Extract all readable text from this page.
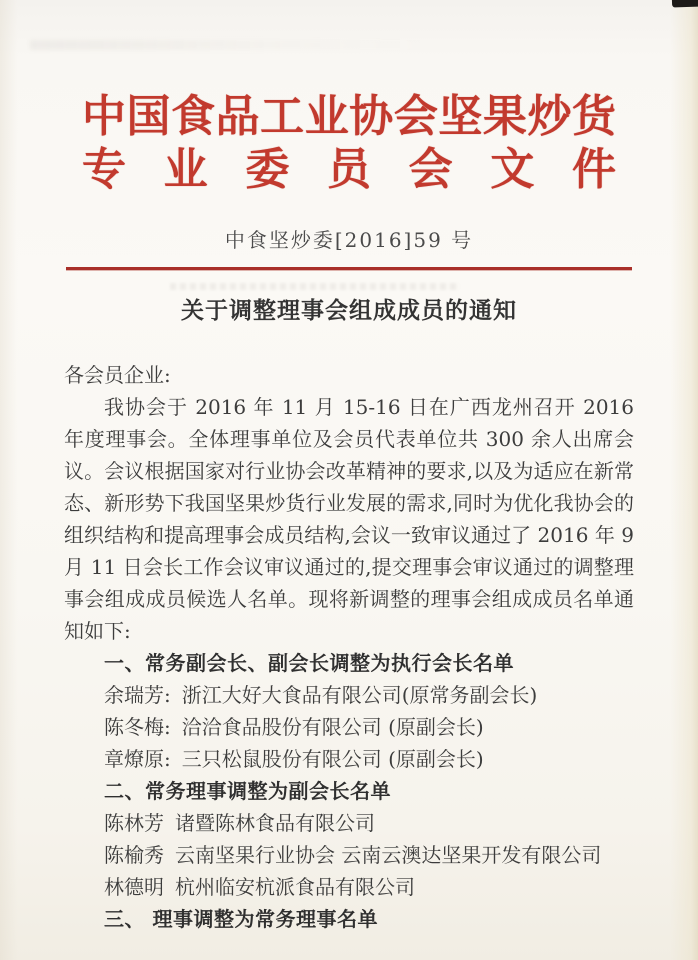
中国食品工业协会坚果炒货
专业委员会文件
中食坚炒委[2016]59 号
关于调整理事会组成成员的通知
各会员企业:

我协会于 2016 年 11 月 15-16 日在广西龙州召开 2016 年度理事会。全体理事单位及会员代表单位共 300 余人出席会议。会议根据国家对行业协会改革精神的要求,以及为适应在新常态、新形势下我国坚果炒货行业发展的需求,同时为优化我协会的组织结构和提高理事会成员结构,会议一致审议通过了 2016 年 9 月 11 日会长工作会议审议通过的,提交理事会审议通过的调整理事会组成成员候选人名单。现将新调整的理事会组成成员名单通知如下:

一、常务副会长、副会长调整为执行会长名单
余瑞芳: 浙江大好大食品有限公司(原常务副会长)
陈冬梅: 洽洽食品股份有限公司 (原副会长)
章燎原: 三只松鼠股份有限公司 (原副会长)
二、常务理事调整为副会长名单
陈林芳 诸暨陈林食品有限公司
陈榆秀 云南坚果行业协会 云南云澳达坚果开发有限公司
林德明 杭州临安杭派食品有限公司
三、 理事调整为常务理事名单
